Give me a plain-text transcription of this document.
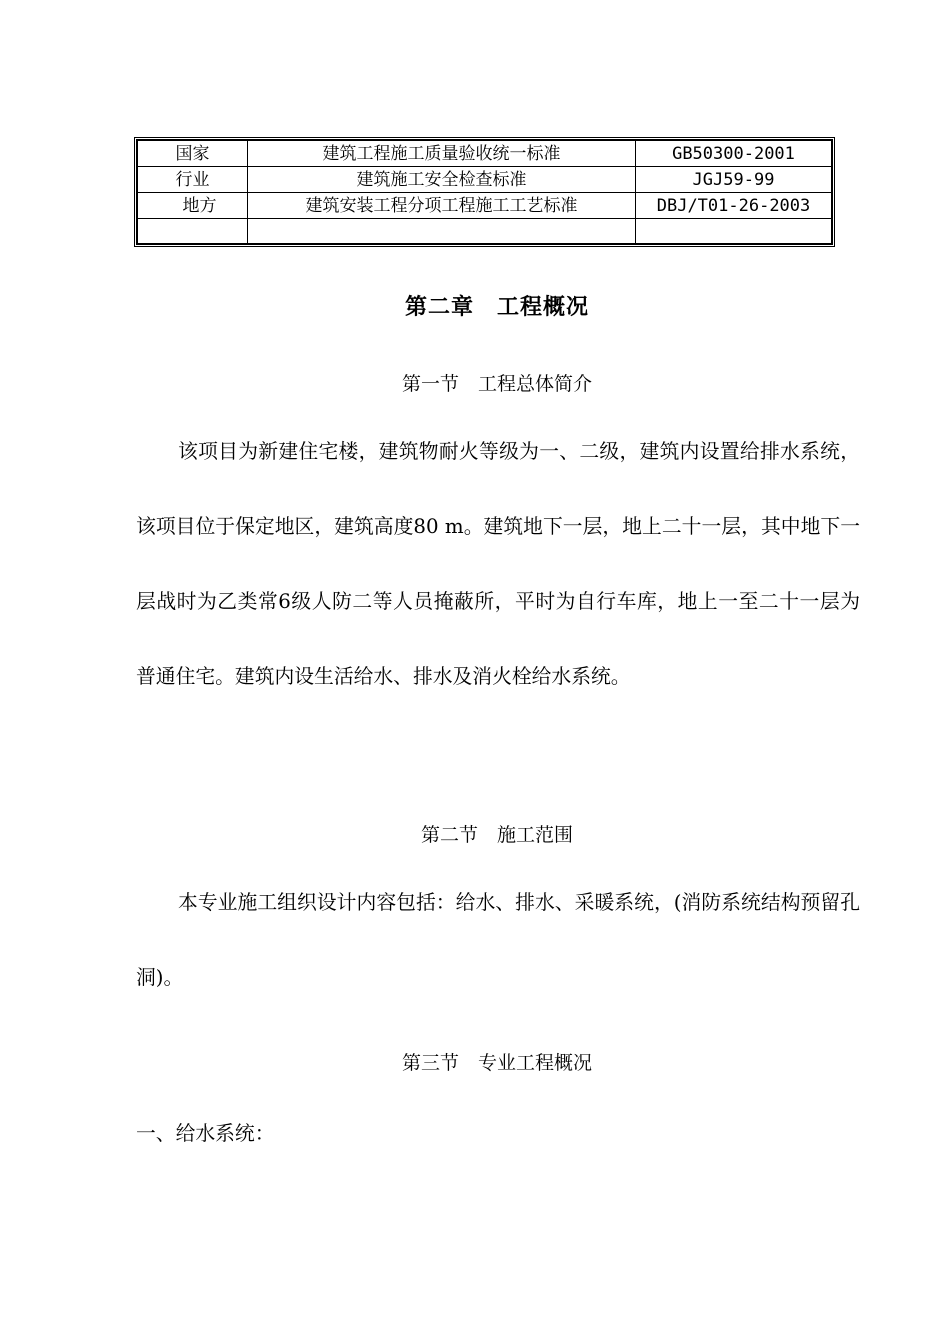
国家	建筑工程施工质量验收统一标准	GB50300-2001
行业	建筑施工安全检查标准	JGJ59-99
地方	建筑安装工程分项工程施工工艺标准	DBJ/T01-26-2003

第二章　工程概况
第一节　工程总体简介

该项目为新建住宅楼，建筑物耐火等级为一、二级，建筑内设置给排水系统，该项目位于保定地区，建筑高度80 m。建筑地下一层，地上二十一层，其中地下一层战时为乙类常6级人防二等人员掩蔽所，平时为自行车库，地上一至二十一层为普通住宅。建筑内设生活给水、排水及消火栓给水系统。

第二节　施工范围

本专业施工组织设计内容包括：给水、排水、采暖系统，(消防系统结构预留孔洞)。

第三节　专业工程概况

一、给水系统：
